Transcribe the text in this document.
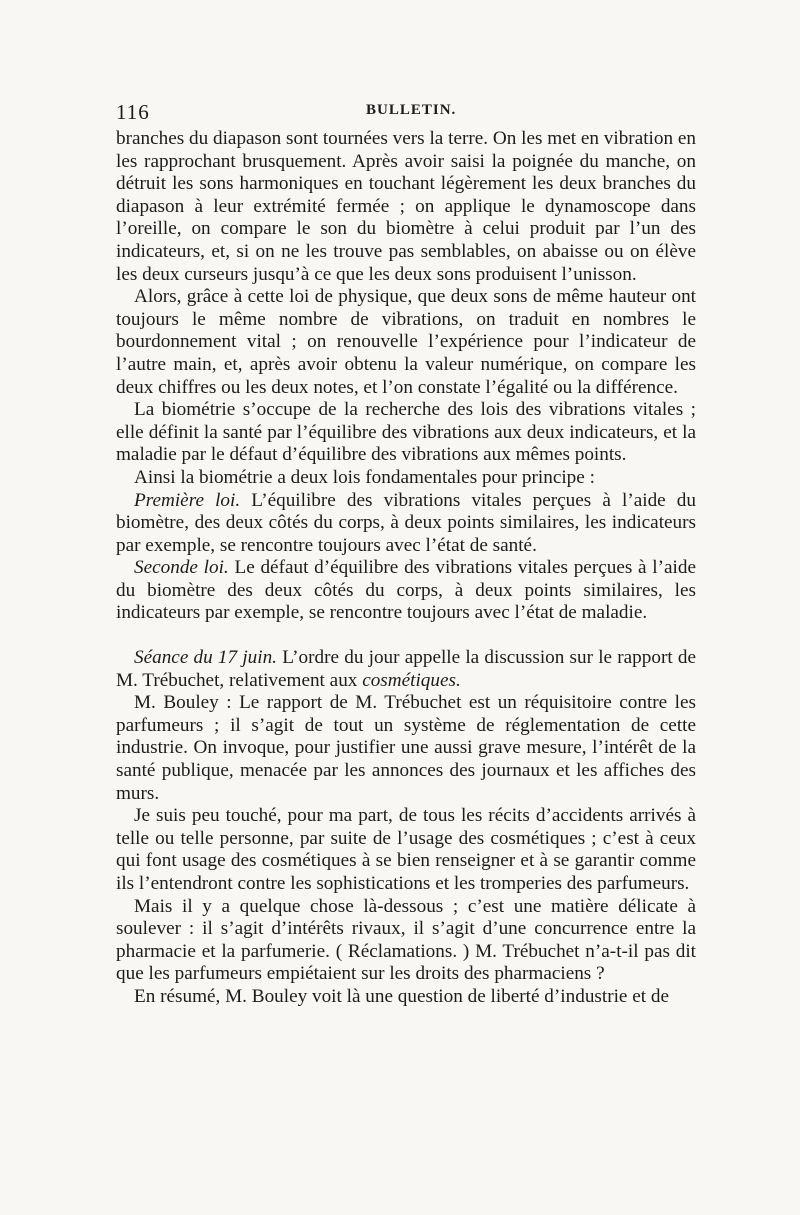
116	BULLETIN.

branches du diapason sont tournées vers la terre. On les met en vibration en les rapprochant brusquement. Après avoir saisi la poignée du manche, on détruit les sons harmoniques en touchant légèrement les deux branches du diapason à leur extrémité fermée ; on applique le dynamoscope dans l’oreille, on compare le son du biomètre à celui produit par l’un des indicateurs, et, si on ne les trouve pas semblables, on abaisse ou on élève les deux curseurs jusqu’à ce que les deux sons produisent l’unisson.

Alors, grâce à cette loi de physique, que deux sons de même hauteur ont toujours le même nombre de vibrations, on traduit en nombres le bourdonnement vital ; on renouvelle l’expérience pour l’indicateur de l’autre main, et, après avoir obtenu la valeur numérique, on compare les deux chiffres ou les deux notes, et l’on constate l’égalité ou la différence.

La biométrie s’occupe de la recherche des lois des vibrations vitales ; elle définit la santé par l’équilibre des vibrations aux deux indicateurs, et la maladie par le défaut d’équilibre des vibrations aux mêmes points.

Ainsi la biométrie a deux lois fondamentales pour principe :

Première loi. L’équilibre des vibrations vitales perçues à l’aide du biomètre, des deux côtés du corps, à deux points similaires, les indicateurs par exemple, se rencontre toujours avec l’état de santé.

Seconde loi. Le défaut d’équilibre des vibrations vitales perçues à l’aide du biomètre des deux côtés du corps, à deux points similaires, les indicateurs par exemple, se rencontre toujours avec l’état de maladie.

Séance du 17 juin. L’ordre du jour appelle la discussion sur le rapport de M. Trébuchet, relativement aux cosmétiques.

M. Bouley : Le rapport de M. Trébuchet est un réquisitoire contre les parfumeurs ; il s’agit de tout un système de réglementation de cette industrie. On invoque, pour justifier une aussi grave mesure, l’intérêt de la santé publique, menacée par les annonces des journaux et les affiches des murs.

Je suis peu touché, pour ma part, de tous les récits d’accidents arrivés à telle ou telle personne, par suite de l’usage des cosmétiques ; c’est à ceux qui font usage des cosmétiques à se bien renseigner et à se garantir comme ils l’entendront contre les sophistications et les tromperies des parfumeurs.

Mais il y a quelque chose là-dessous ; c’est une matière délicate à soulever : il s’agit d’intérêts rivaux, il s’agit d’une concurrence entre la pharmacie et la parfumerie. ( Réclamations. ) M. Trébuchet n’a-t-il pas dit que les parfumeurs empiétaient sur les droits des pharmaciens ?

En résumé, M. Bouley voit là une question de liberté d’industrie et de
